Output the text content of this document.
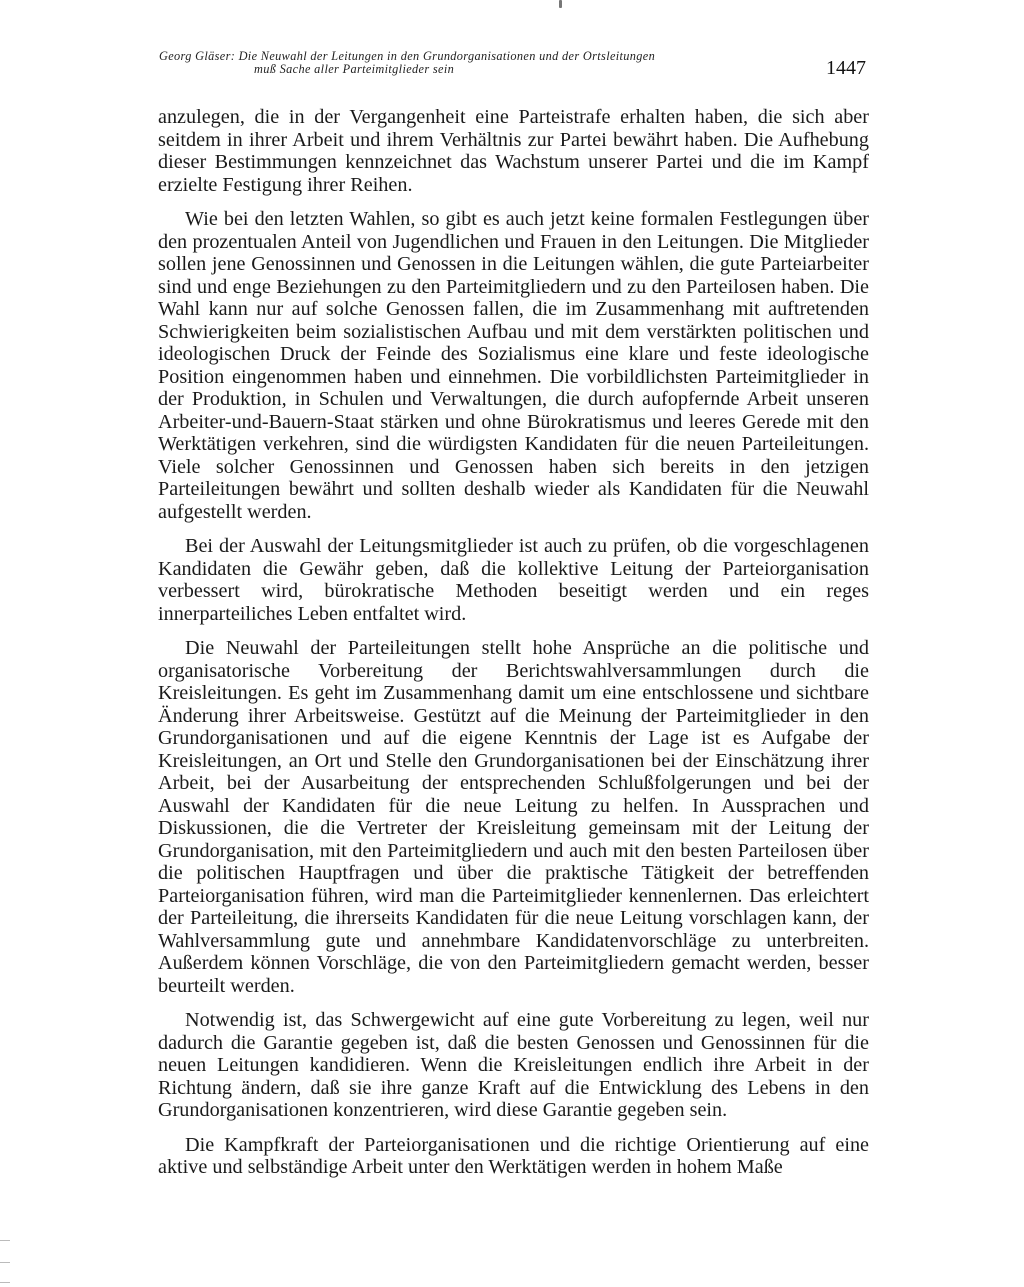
Georg Gläser: Die Neuwahl der Leitungen in den Grundorganisationen und der Ortsleitungen
muß Sache aller Parteimitglieder sein	1447

anzulegen, die in der Vergangenheit eine Parteistrafe erhalten haben, die sich aber seitdem in ihrer Arbeit und ihrem Verhältnis zur Partei bewährt haben. Die Aufhebung dieser Bestimmungen kennzeichnet das Wachstum unserer Partei und die im Kampf erzielte Festigung ihrer Reihen.

Wie bei den letzten Wahlen, so gibt es auch jetzt keine formalen Festlegungen über den prozentualen Anteil von Jugendlichen und Frauen in den Leitungen. Die Mitglieder sollen jene Genossinnen und Genossen in die Leitungen wählen, die gute Parteiarbeiter sind und enge Beziehungen zu den Parteimitgliedern und zu den Parteilosen haben. Die Wahl kann nur auf solche Genossen fallen, die im Zusammenhang mit auftretenden Schwierigkeiten beim sozialistischen Aufbau und mit dem verstärkten politischen und ideologischen Druck der Feinde des Sozialismus eine klare und feste ideologische Position eingenommen haben und einnehmen. Die vorbildlichsten Parteimitglieder in der Produktion, in Schulen und Verwaltungen, die durch aufopfernde Arbeit unseren Arbeiter-und-Bauern-Staat stärken und ohne Bürokratismus und leeres Gerede mit den Werktätigen verkehren, sind die würdigsten Kandidaten für die neuen Parteileitungen. Viele solcher Genossinnen und Genossen haben sich bereits in den jetzigen Parteileitungen bewährt und sollten deshalb wieder als Kandidaten für die Neuwahl aufgestellt werden.

Bei der Auswahl der Leitungsmitglieder ist auch zu prüfen, ob die vorgeschlagenen Kandidaten die Gewähr geben, daß die kollektive Leitung der Parteiorganisation verbessert wird, bürokratische Methoden beseitigt werden und ein reges innerparteiliches Leben entfaltet wird.

Die Neuwahl der Parteileitungen stellt hohe Ansprüche an die politische und organisatorische Vorbereitung der Berichtswahlversammlungen durch die Kreisleitungen. Es geht im Zusammenhang damit um eine entschlossene und sichtbare Änderung ihrer Arbeitsweise. Gestützt auf die Meinung der Parteimitglieder in den Grundorganisationen und auf die eigene Kenntnis der Lage ist es Aufgabe der Kreisleitungen, an Ort und Stelle den Grundorganisationen bei der Einschätzung ihrer Arbeit, bei der Ausarbeitung der entsprechenden Schlußfolgerungen und bei der Auswahl der Kandidaten für die neue Leitung zu helfen. In Aussprachen und Diskussionen, die die Vertreter der Kreisleitung gemeinsam mit der Leitung der Grundorganisation, mit den Parteimitgliedern und auch mit den besten Parteilosen über die politischen Hauptfragen und über die praktische Tätigkeit der betreffenden Parteiorganisation führen, wird man die Parteimitglieder kennenlernen. Das erleichtert der Parteileitung, die ihrerseits Kandidaten für die neue Leitung vorschlagen kann, der Wahlversammlung gute und annehmbare Kandidatenvorschläge zu unterbreiten. Außerdem können Vorschläge, die von den Parteimitgliedern gemacht werden, besser beurteilt werden.

Notwendig ist, das Schwergewicht auf eine gute Vorbereitung zu legen, weil nur dadurch die Garantie gegeben ist, daß die besten Genossen und Genossinnen für die neuen Leitungen kandidieren. Wenn die Kreisleitungen endlich ihre Arbeit in der Richtung ändern, daß sie ihre ganze Kraft auf die Entwicklung des Lebens in den Grundorganisationen konzentrieren, wird diese Garantie gegeben sein.

Die Kampfkraft der Parteiorganisationen und die richtige Orientierung auf eine aktive und selbständige Arbeit unter den Werktätigen werden in hohem Maße
